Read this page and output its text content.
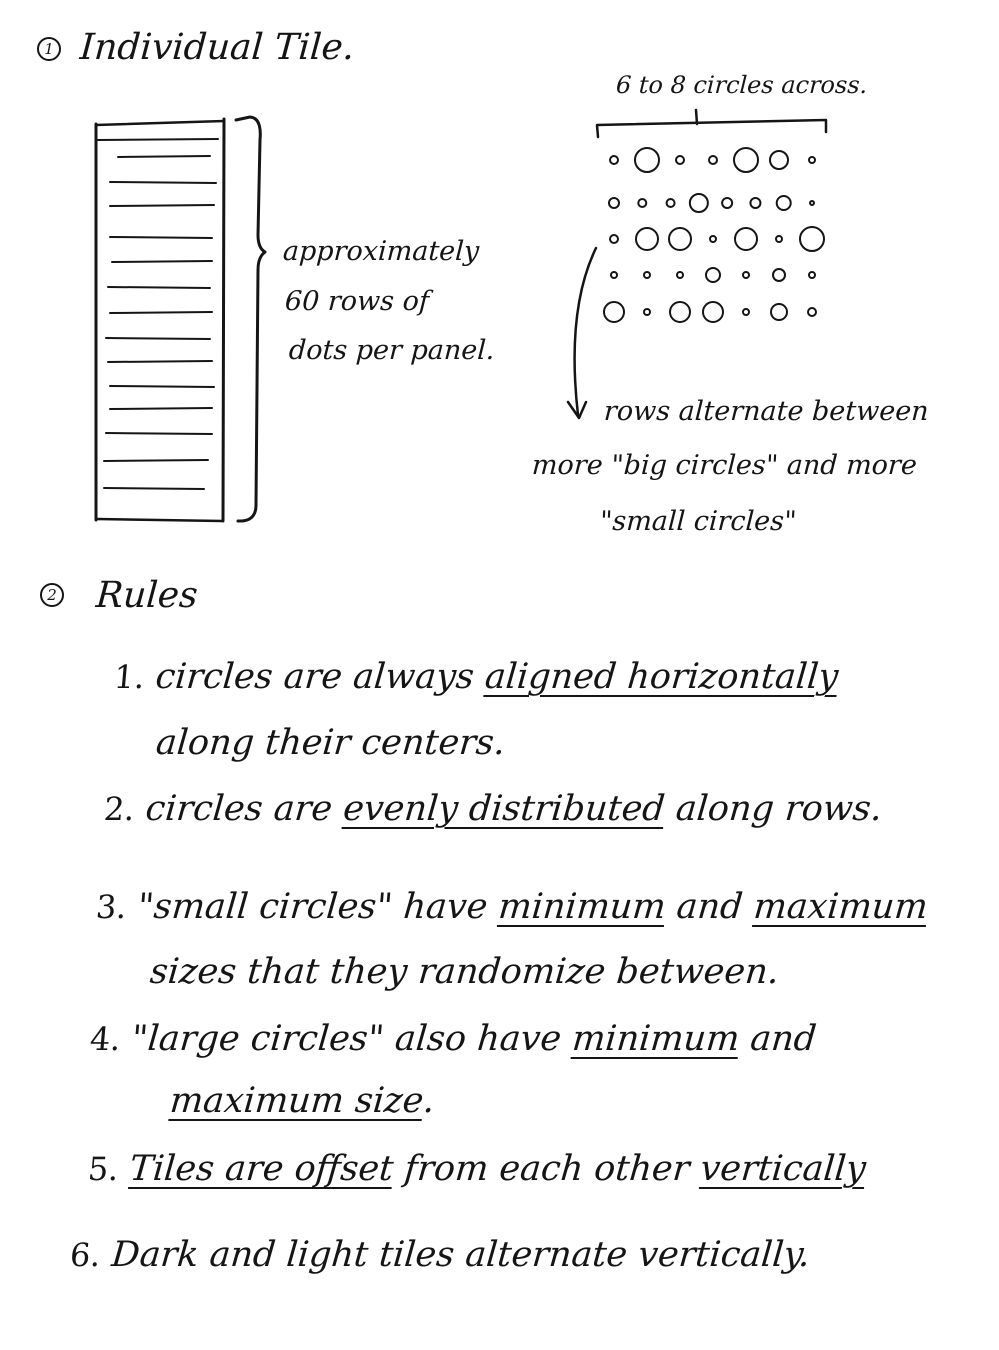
1 Individual Tile.
approximately
60 rows of
dots per panel.
6 to 8 circles across.
rows alternate between
more "big circles" and more
"small circles"
2 Rules
1. circles are always aligned horizontally
along their centers.
2. circles are evenly distributed along rows.
3. "small circles" have minimum and maximum
sizes that they randomize between.
4. "large circles" also have minimum and
maximum size.
5. Tiles are offset from each other vertically
6. Dark and light tiles alternate vertically.
